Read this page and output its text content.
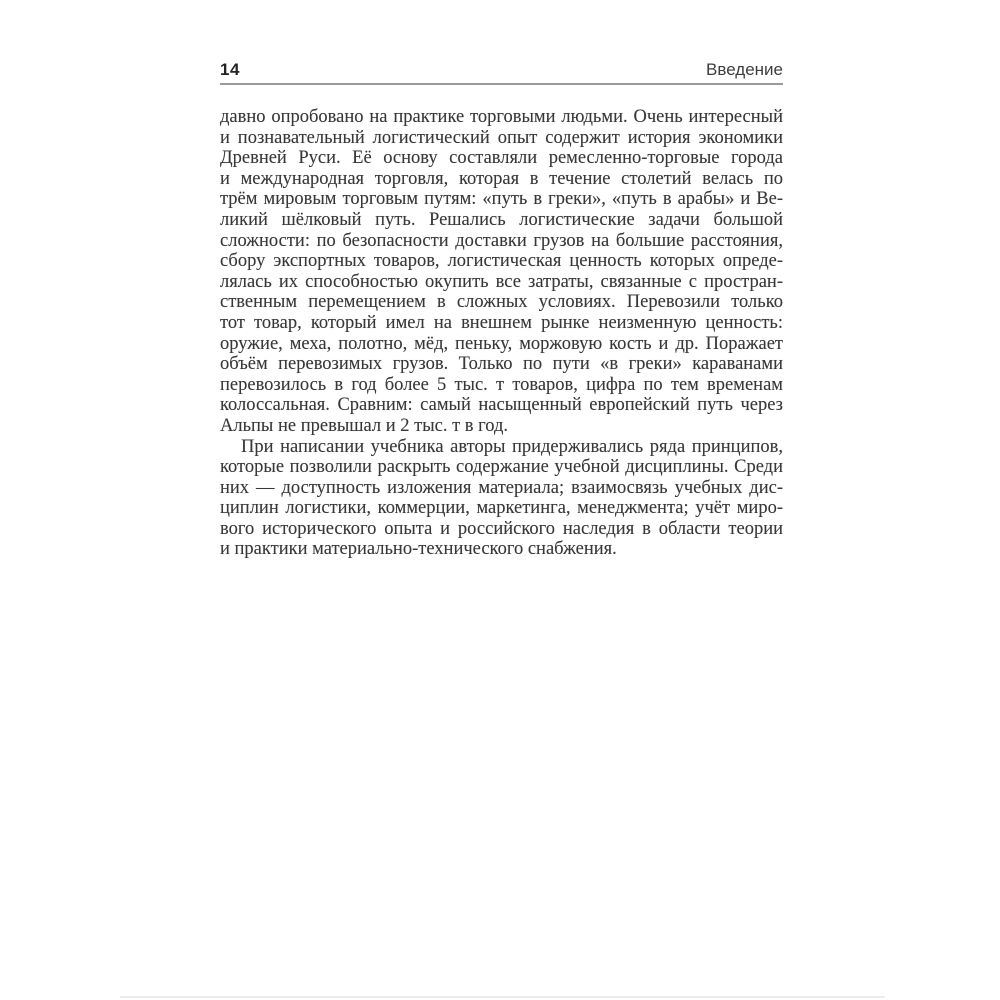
14	Введение
давно опробовано на практике торговыми людьми. Очень интересный
и познавательный логистический опыт содержит история экономики
Древней Руси. Её основу составляли ремесленно-торговые города
и международная торговля, которая в течение столетий велась по
трём мировым торговым путям: «путь в греки», «путь в арабы» и Ве-
ликий шёлковый путь. Решались логистические задачи большой
сложности: по безопасности доставки грузов на большие расстояния,
сбору экспортных товаров, логистическая ценность которых опреде-
лялась их способностью окупить все затраты, связанные с простран-
ственным перемещением в сложных условиях. Перевозили только
тот товар, который имел на внешнем рынке неизменную ценность:
оружие, меха, полотно, мёд, пеньку, моржовую кость и др. Поражает
объём перевозимых грузов. Только по пути «в греки» караванами
перевозилось в год более 5 тыс. т товаров, цифра по тем временам
колоссальная. Сравним: самый насыщенный европейский путь через
Альпы не превышал и 2 тыс. т в год.
При написании учебника авторы придерживались ряда принципов,
которые позволили раскрыть содержание учебной дисциплины. Среди
них — доступность изложения материала; взаимосвязь учебных дис-
циплин логистики, коммерции, маркетинга, менеджмента; учёт миро-
вого исторического опыта и российского наследия в области теории
и практики материально-технического снабжения.
